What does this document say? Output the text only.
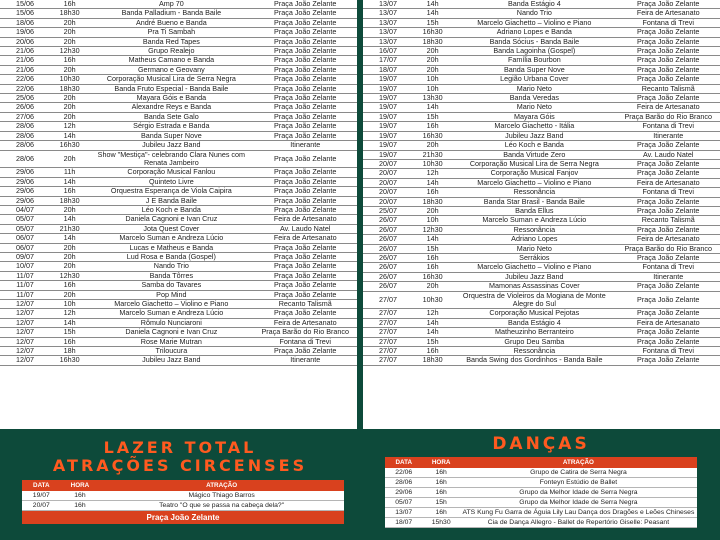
15/06	16h	Amp 70	Praça João Zelante
15/06	18h30	Banda Palladium - Banda Baile	Praça João Zelante
18/06	20h	André Bueno e Banda	Praça João Zelante
19/06	20h	Pra Ti Sambah	Praça João Zelante
20/06	20h	Banda Red Tapes	Praça João Zelante
21/06	12h30	Grupo Realejo	Praça João Zelante
21/06	16h	Matheus Camano e Banda	Praça João Zelante
21/06	20h	Germano e Geovany	Praça João Zelante
22/06	10h30	Corporação Musical Lira de Serra Negra	Praça João Zelante
22/06	18h30	Banda Fruto Especial - Banda Baile	Praça João Zelante
25/06	20h	Mayara Góis e Banda	Praça João Zelante
26/06	20h	Alexandre Reys e Banda	Praça João Zelante
27/06	20h	Banda Sete Galo	Praça João Zelante
28/06	12h	Sérgio Estrada e Banda	Praça João Zelante
28/06	14h	Banda Super Nove	Praça João Zelante
28/06	16h30	Jubileu Jazz Band	Itinerante
28/06	20h	Show "Mestiça"- celebrando Clara Nunes com Renata Jambeiro	Praça João Zelante
29/06	11h	Corporação Musical Fanlou	Praça João Zelante
29/06	14h	Quinteto Livre	Praça João Zelante
29/06	16h	Orquestra Esperança de Viola Caipira	Praça João Zelante
29/06	18h30	J E Banda Baile	Praça João Zelante
04/07	20h	Léo Koch e Banda	Praça João Zelante
05/07	14h	Daniela Cagnoni e Ivan Cruz	Feira de Artesanato
05/07	21h30	Jota Quest Cover	Av. Laudo Natel
06/07	14h	Marcelo Suman e Andreza Lúcio	Feira de Artesanato
06/07	20h	Lucas e Matheus e Banda	Praça João Zelante
09/07	20h	Lud Rosa e Banda (Gospel)	Praça João Zelante
10/07	20h	Nando Trio	Praça João Zelante
11/07	12h30	Banda Tôrres	Praça João Zelante
11/07	16h	Samba do Tavares	Praça João Zelante
11/07	20h	Pop Mind	Praça João Zelante
12/07	10h	Marcelo Giachetto – Violino e Piano	Recanto Talismã
12/07	12h	Marcelo Suman e Andreza Lúcio	Praça João Zelante
12/07	14h	Rômulo Nunciaroni	Feira de Artesanato
12/07	15h	Daniela Cagnoni e Ivan Cruz	Praça Barão do Rio Branco
12/07	16h	Rose Marie Mutran	Fontana di Trevi
12/07	18h	Triloucura	Praça João Zelante
12/07	16h30	Jubileu Jazz Band	Itinerante
13/07	14h	Banda Estágio 4	Praça João Zelante
13/07	14h	Nando Trio	Feira de Artesanato
13/07	15h	Marcelo Giachetto – Violino e Piano	Fontana di Trevi
13/07	16h30	Adriano Lopes e Banda	Praça João Zelante
13/07	18h30	Banda Sócius - Banda Baile	Praça João Zelante
16/07	20h	Banda Lagoinha (Gospel)	Praça João Zelante
17/07	20h	Família Bourbon	Praça João Zelante
18/07	20h	Banda Super Nove	Praça João Zelante
19/07	10h	Legião Urbana Cover	Praça João Zelante
19/07	10h	Mario Neto	Recanto Talismã
19/07	13h30	Banda Veredas	Praça João Zelante
19/07	14h	Mario Neto	Feira de Artesanato
19/07	15h	Mayara Góis	Praça Barão do Rio Branco
19/07	16h	Marcelo Giachetto - Itália	Fontana di Trevi
19/07	16h30	Jubileu Jazz Band	Itinerante
19/07	20h	Léo Koch e Banda	Praça João Zelante
19/07	21h30	Banda Virtude Zero	Av. Laudo Natel
20/07	10h30	Corporação Musical Lira de Serra Negra	Praça João Zelante
20/07	12h	Corporação Musical Fanjov	Praça João Zelante
20/07	14h	Marcelo Giachetto – Violino e Piano	Feira de Artesanato
20/07	16h	Ressonância	Fontana di Trevi
20/07	18h30	Banda Star Brasil - Banda Baile	Praça João Zelante
25/07	20h	Banda Ellus	Praça João Zelante
26/07	10h	Marcelo Suman e Andreza Lúcio	Recanto Talismã
26/07	12h30	Ressonância	Praça João Zelante
26/07	14h	Adriano Lopes	Feira de Artesanato
26/07	15h	Mario Neto	Praça Barão do Rio Branco
26/07	16h	Serrákios	Praça João Zelante
26/07	16h	Marcelo Giachetto – Violino e Piano	Fontana di Trevi
26/07	16h30	Jubileu Jazz Band	Itinerante
26/07	20h	Mamonas Assassinas Cover	Praça João Zelante
27/07	10h30	Orquestra de Violeiros da Mogiana de Monte Alegre do Sul	Praça João Zelante
27/07	12h	Corporação Musical Pejotas	Praça João Zelante
27/07	14h	Banda Estágio 4	Feira de Artesanato
27/07	14h	Matheuzinho Berranteiro	Praça João Zelante
27/07	15h	Grupo Deu Samba	Praça João Zelante
27/07	16h	Ressonância	Fontana di Trevi
27/07	18h30	Banda Swing dos Gordinhos - Banda Baile	Praça João Zelante
LAZER TOTAL
ATRAÇÕES CIRCENSES
DATA	HORA	ATRAÇÃO
19/07	16h	Mágico Thiago Barros
20/07	16h	Teatro "O que se passa na cabeça dela?"
Praça João Zelante
DANÇAS
DATA	HORA	ATRAÇÃO
22/06	16h	Grupo de Catira de Serra Negra
28/06	16h	Fonteyn Estúdio de Ballet
29/06	16h	Grupo da Melhor Idade de Serra Negra
05/07	15h	Grupo da Melhor Idade de Serra Negra
13/07	16h	ATS Kung Fu Garra de Águia Lily Lau Dança dos Dragões e Leões Chineses
18/07	15h30	Cia de Dança Allegro - Ballet de Repertório Giselle: Peasant
